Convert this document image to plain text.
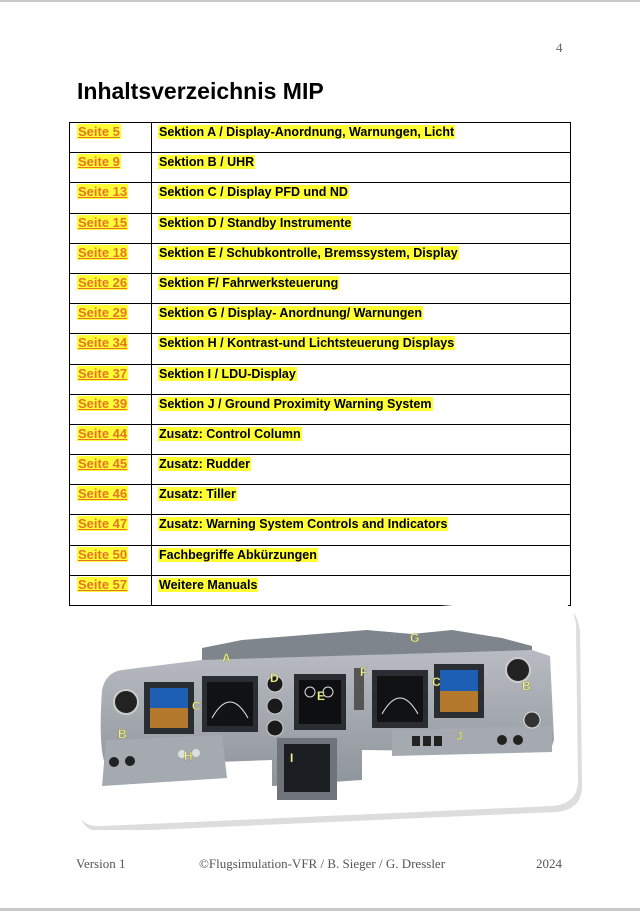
4
Inhaltsverzeichnis MIP
Seite 5	Sektion A / Display-Anordnung, Warnungen, Licht
Seite 9	Sektion B / UHR
Seite 13	Sektion C / Display PFD und ND
Seite 15	Sektion D / Standby Instrumente
Seite 18	Sektion E / Schubkontrolle, Bremssystem, Display
Seite 26	Sektion F/ Fahrwerksteuerung
Seite 29	Sektion G / Display- Anordnung/ Warnungen
Seite 34	Sektion H / Kontrast-und Lichtsteuerung Displays
Seite 37	Sektion I / LDU-Display
Seite 39	Sektion J / Ground Proximity Warning System
Seite 44	Zusatz: Control Column
Seite 45	Zusatz: Rudder
Seite 46	Zusatz: Tiller
Seite 47	Zusatz: Warning System Controls and Indicators
Seite 50	Fachbegriffe Abkürzungen
Seite 57	Weitere Manuals
A
B
B
C
C
D
E
F
G
H	I
J
Version 1	©Flugsimulation-VFR / B. Sieger / G. Dressler	2024
